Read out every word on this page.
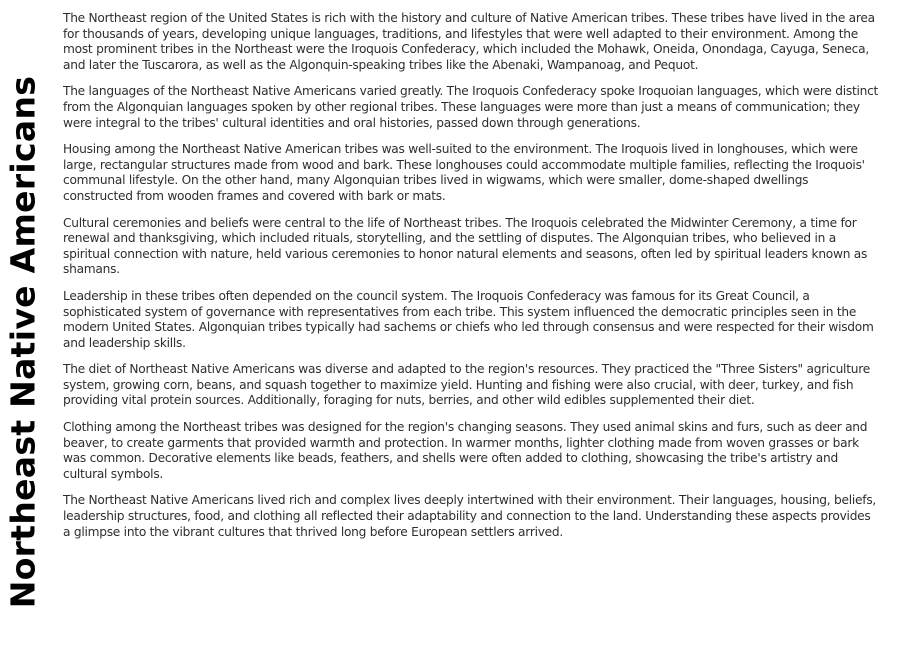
Northeast Native Americans

The Northeast region of the United States is rich with the history and culture of Native American tribes. These tribes have lived in the area for thousands of years, developing unique languages, traditions, and lifestyles that were well adapted to their environment. Among the most prominent tribes in the Northeast were the Iroquois Confederacy, which included the Mohawk, Oneida, Onondaga, Cayuga, Seneca, and later the Tuscarora, as well as the Algonquin-speaking tribes like the Abenaki, Wampanoag, and Pequot.

The languages of the Northeast Native Americans varied greatly. The Iroquois Confederacy spoke Iroquoian languages, which were distinct from the Algonquian languages spoken by other regional tribes. These languages were more than just a means of communication; they were integral to the tribes' cultural identities and oral histories, passed down through generations.

Housing among the Northeast Native American tribes was well-suited to the environment. The Iroquois lived in longhouses, which were large, rectangular structures made from wood and bark. These longhouses could accommodate multiple families, reflecting the Iroquois' communal lifestyle. On the other hand, many Algonquian tribes lived in wigwams, which were smaller, dome-shaped dwellings constructed from wooden frames and covered with bark or mats.

Cultural ceremonies and beliefs were central to the life of Northeast tribes. The Iroquois celebrated the Midwinter Ceremony, a time for renewal and thanksgiving, which included rituals, storytelling, and the settling of disputes. The Algonquian tribes, who believed in a spiritual connection with nature, held various ceremonies to honor natural elements and seasons, often led by spiritual leaders known as shamans.

Leadership in these tribes often depended on the council system. The Iroquois Confederacy was famous for its Great Council, a sophisticated system of governance with representatives from each tribe. This system influenced the democratic principles seen in the modern United States. Algonquian tribes typically had sachems or chiefs who led through consensus and were respected for their wisdom and leadership skills.

The diet of Northeast Native Americans was diverse and adapted to the region's resources. They practiced the "Three Sisters" agriculture system, growing corn, beans, and squash together to maximize yield. Hunting and fishing were also crucial, with deer, turkey, and fish providing vital protein sources. Additionally, foraging for nuts, berries, and other wild edibles supplemented their diet.

Clothing among the Northeast tribes was designed for the region's changing seasons. They used animal skins and furs, such as deer and beaver, to create garments that provided warmth and protection. In warmer months, lighter clothing made from woven grasses or bark was common. Decorative elements like beads, feathers, and shells were often added to clothing, showcasing the tribe's artistry and cultural symbols.

The Northeast Native Americans lived rich and complex lives deeply intertwined with their environment. Their languages, housing, beliefs, leadership structures, food, and clothing all reflected their adaptability and connection to the land. Understanding these aspects provides a glimpse into the vibrant cultures that thrived long before European settlers arrived.
